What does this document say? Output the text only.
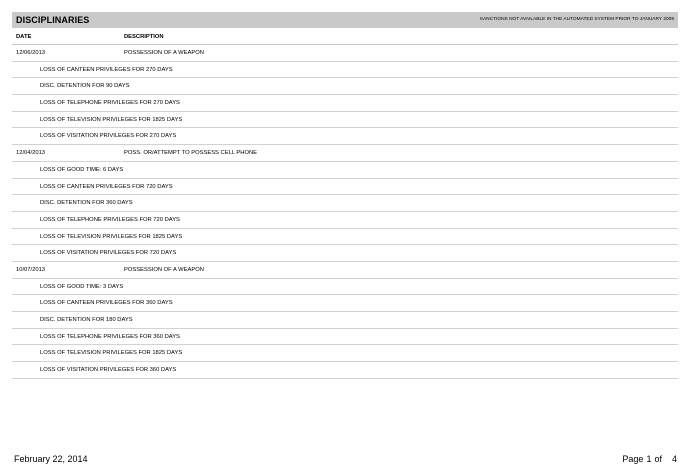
DISCIPLINARIES	SANCTIONS NOT AVAILABLE IN THE AUTOMATED SYSTEM PRIOR TO JANUARY 2009
DATE	DESCRIPTION
12/06/2013	POSSESSION OF A WEAPON
LOSS OF CANTEEN PRIVILEGES FOR 270 DAYS
DISC. DETENTION FOR 90 DAYS
LOSS OF TELEPHONE PRIVILEGES FOR 270 DAYS
LOSS OF TELEVISION PRIVILEGES FOR 1825 DAYS
LOSS OF VISITATION PRIVILEGES FOR 270 DAYS
12/04/2013	POSS. OR/ATTEMPT TO POSSESS CELL PHONE
LOSS OF GOOD TIME: 6 DAYS
LOSS OF CANTEEN PRIVILEGES FOR 720 DAYS
DISC. DETENTION FOR 360 DAYS
LOSS OF TELEPHONE PRIVILEGES FOR 720 DAYS
LOSS OF TELEVISION PRIVILEGES FOR 1825 DAYS
LOSS OF VISITATION PRIVILEGES FOR 720 DAYS
10/07/2013	POSSESSION OF A WEAPON
LOSS OF GOOD TIME: 3 DAYS
LOSS OF CANTEEN PRIVILEGES FOR 360 DAYS
DISC. DETENTION FOR 180 DAYS
LOSS OF TELEPHONE PRIVILEGES FOR 360 DAYS
LOSS OF TELEVISION PRIVILEGES FOR 1825 DAYS
LOSS OF VISITATION PRIVILEGES FOR 360 DAYS
February 22, 2014	Page 1 of 4
